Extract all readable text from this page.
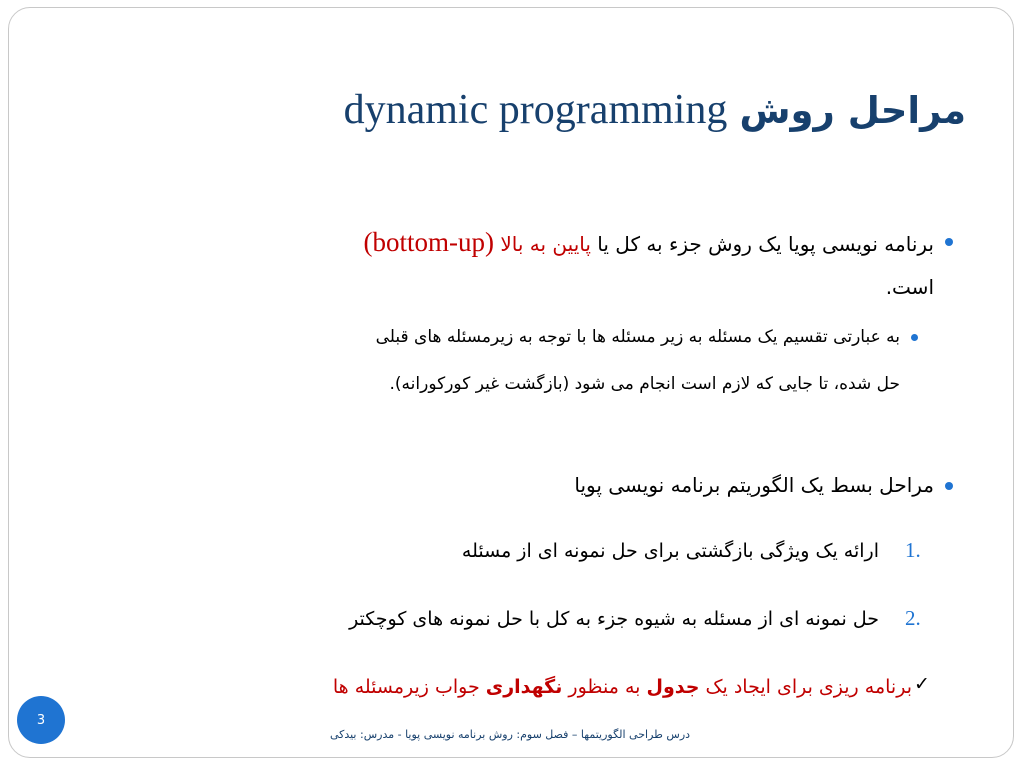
مراحل روش dynamic programming
برنامه نویسی پویا یک روش جزء به کل یا پایین به بالا (bottom-up)
است.
به عبارتی تقسیم یک مسئله به زیر مسئله ها با توجه به زیرمسئله های قبلی
حل شده، تا جایی که لازم است انجام می شود (بازگشت غیر کورکورانه).
مراحل بسط یک الگوریتم برنامه نویسی پویا
1.
ارائه یک ویژگی بازگشتی برای حل نمونه ای از مسئله
2.
حل نمونه ای از مسئله به شیوه جزء به کل با حل نمونه های کوچکتر
✓
برنامه ریزی برای ایجاد یک جدول به منظور نگهداری جواب زیرمسئله ها
3
درس طراحی الگوریتمها – فصل سوم: روش برنامه نویسی پویا - مدرس: بیدکی
